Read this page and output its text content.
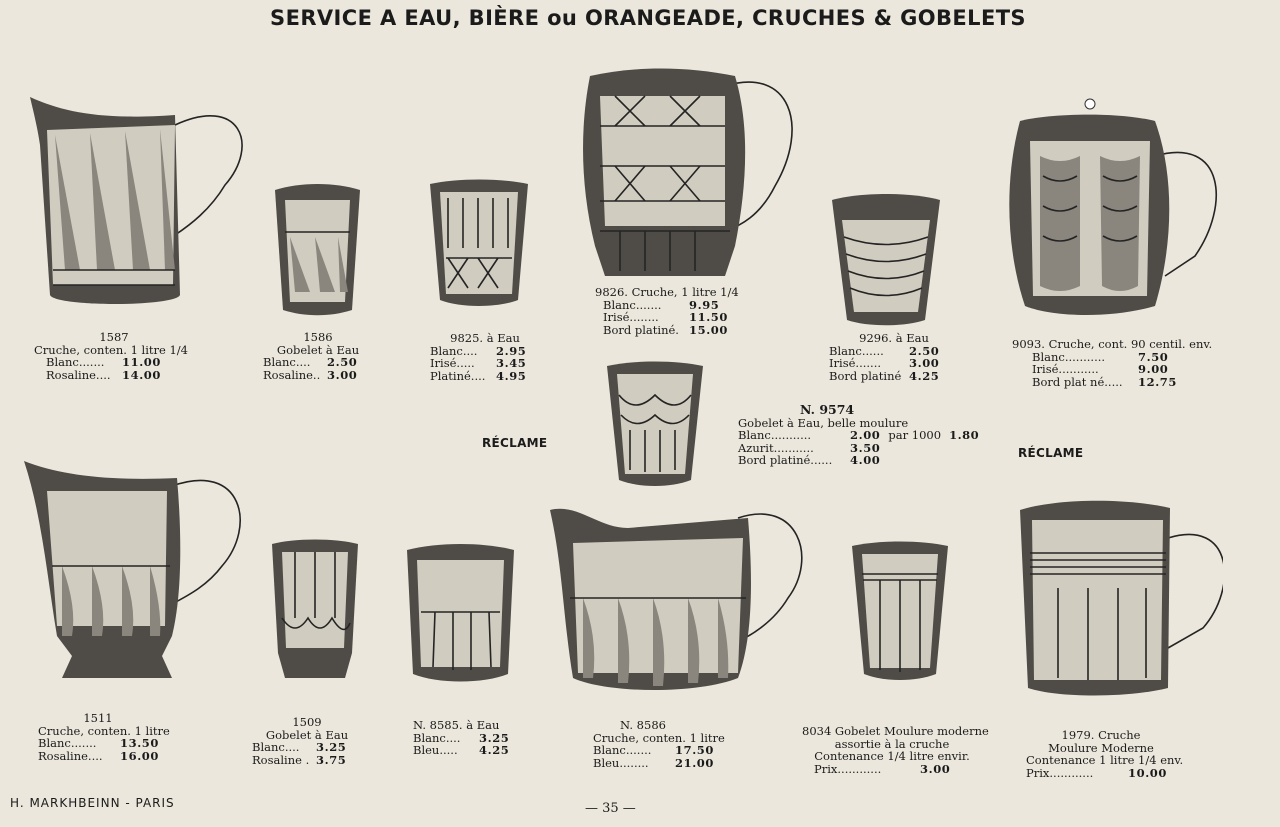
SERVICE A EAU, BIÈRE ou ORANGEADE, CRUCHES & GOBELETS
1587
Cruche, conten. 1 litre 1/4
Blanc.......	11.00
Rosaline.... 14.00
1586
Gobelet à Eau
Blanc....	2.50
Rosaline.. 3.00
9825. à Eau
Blanc....	2.95
Irisé.....	3.45
Platiné.... 4.95
9826. Cruche, 1 litre 1/4
Blanc.......	9.95
Irisé........	11.50
Bord platiné. 15.00
9296. à Eau
Blanc......	2.50
Irisé.......	3.00
Bord platiné 4.25
9093. Cruche, cont. 90 centil. env.
Blanc...........	7.50
Irisé...........	9.00
Bord plat né.....	12.75
N. 9574
Gobelet à Eau, belle moulure
Blanc...........	2.00 par 1000 1.80
Azurit...........	3.50
Bord platiné......	4.00
RÉCLAME
RÉCLAME
1511
Cruche, conten. 1 litre
Blanc.......	13.50
Rosaline....	16.00
1509
Gobelet à Eau
Blanc....	3.25
Rosaline . 3.75
N. 8585. à Eau
Blanc....	3.25
Bleu.....	4.25
N. 8586
Cruche, conten. 1 litre
Blanc.......	17.50
Bleu........	21.00
8034 Gobelet Moulure moderne
assortie à la cruche
Contenance 1/4 litre envir.
Prix............	3.00
1979. Cruche
Moulure Moderne
Contenance 1 litre 1/4 env.
Prix............	10.00
H. MARKHBEINN - PARIS	— 35 —
